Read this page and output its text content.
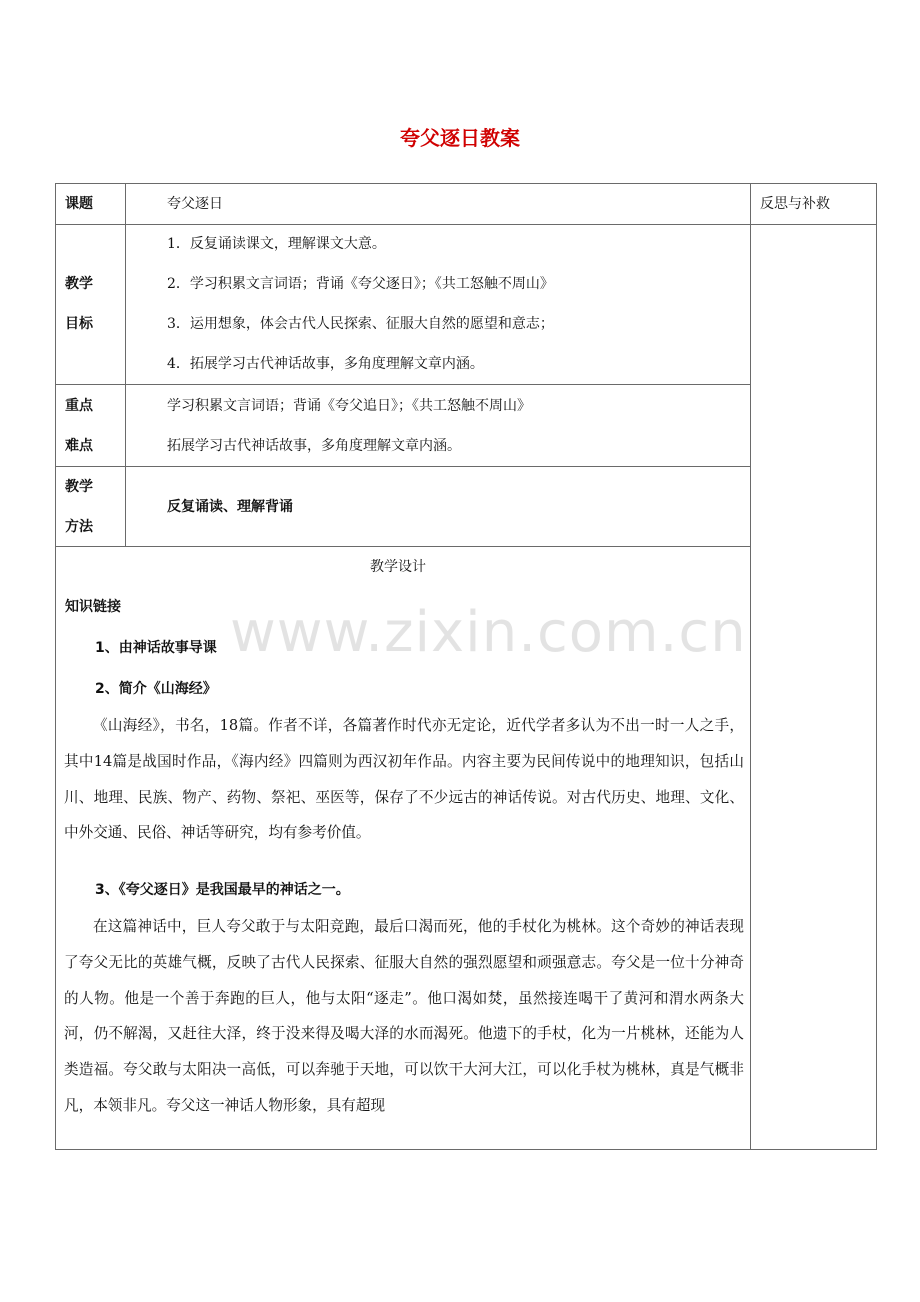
夸父逐日教案
www.zixin.com.cn
课题	夸父逐日	反思与补救
教学
目标
1．反复诵读课文，理解课文大意。
2．学习积累文言词语；背诵《夸父逐日》；《共工怒触不周山》
3．运用想象，体会古代人民探索、征服大自然的愿望和意志；
4．拓展学习古代神话故事，多角度理解文章内涵。
重点
难点
学习积累文言词语；背诵《夸父追日》；《共工怒触不周山》
拓展学习古代神话故事，多角度理解文章内涵。
教学
方法
反复诵读、理解背诵
教学设计
知识链接
1、由神话故事导课
2、简介《山海经》
《山海经》，书名，18篇。作者不详，各篇著作时代亦无定论，近代学者多认为不出一时一人之手，其中14篇是战国时作品，《海内经》四篇则为西汉初年作品。内容主要为民间传说中的地理知识，包括山川、地理、民族、物产、药物、祭祀、巫医等，保存了不少远古的神话传说。对古代历史、地理、文化、中外交通、民俗、神话等研究，均有参考价值。
3、《夸父逐日》是我国最早的神话之一。
在这篇神话中，巨人夸父敢于与太阳竞跑，最后口渴而死，他的手杖化为桃林。这个奇妙的神话表现了夸父无比的英雄气概，反映了古代人民探索、征服大自然的强烈愿望和顽强意志。夸父是一位十分神奇的人物。他是一个善于奔跑的巨人，他与太阳“逐走”。他口渴如焚，虽然接连喝干了黄河和渭水两条大河，仍不解渴，又赶往大泽，终于没来得及喝大泽的水而渴死。他遗下的手杖，化为一片桃林，还能为人类造福。夸父敢与太阳决一高低，可以奔驰于天地，可以饮干大河大江，可以化手杖为桃林，真是气概非凡，本领非凡。夸父这一神话人物形象，具有超现
